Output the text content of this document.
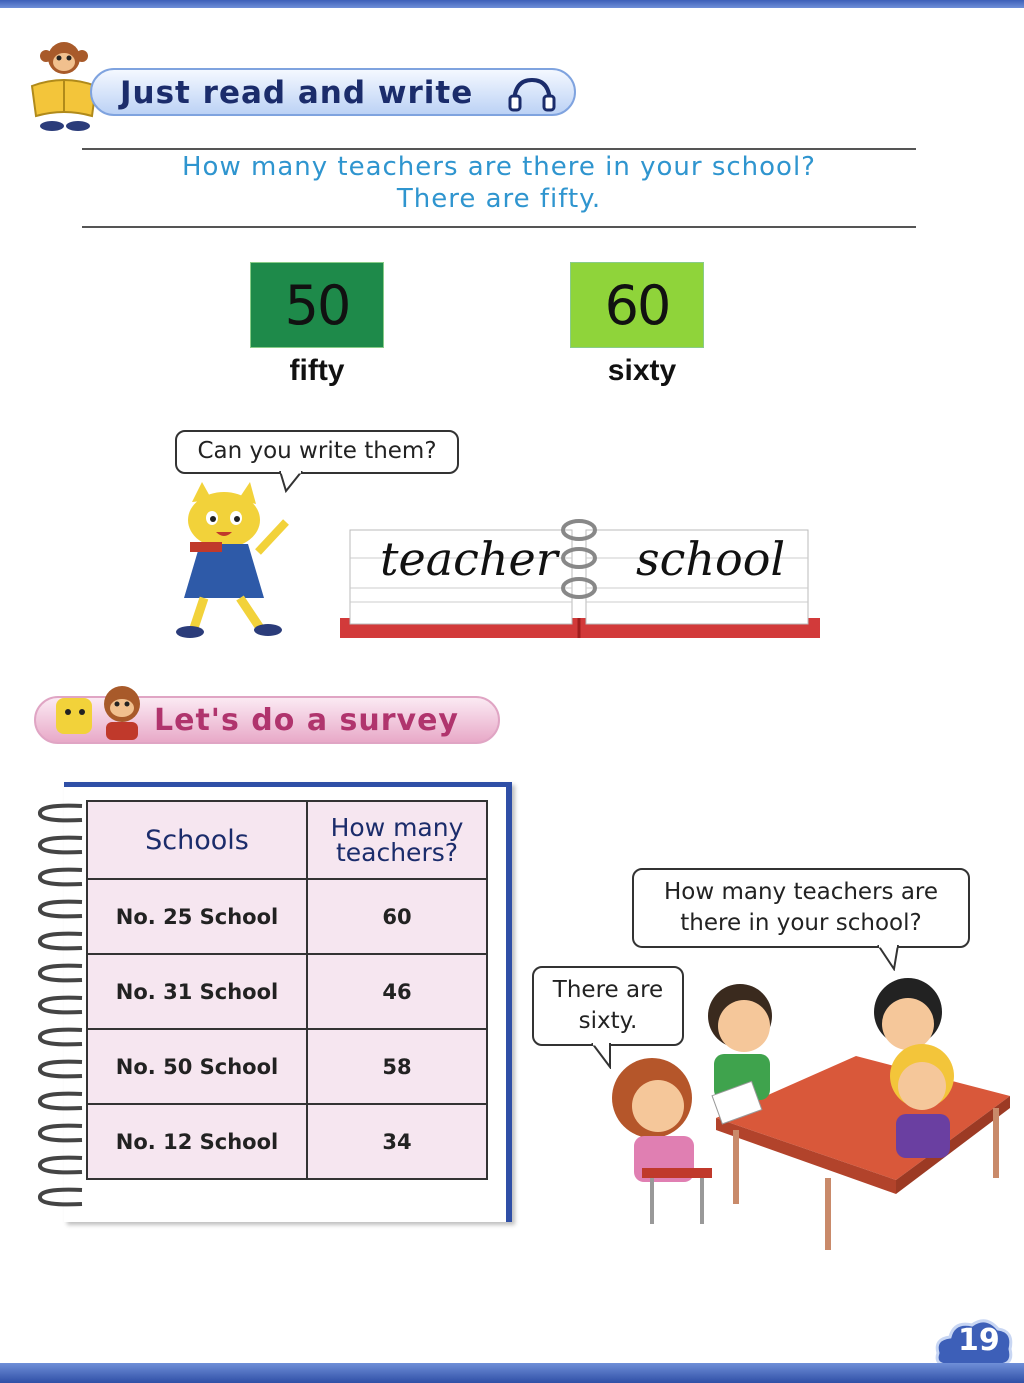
Just read and write
How many teachers are there in your school?
There are fifty.
50
fifty
60
sixty
Can you write them?
teacher school
Let's do a survey
Schools	How many teachers?
No. 25 School	60
No. 31 School	46
No. 50 School	58
No. 12 School	34
How many teachers are there in your school?
There are sixty.
19
